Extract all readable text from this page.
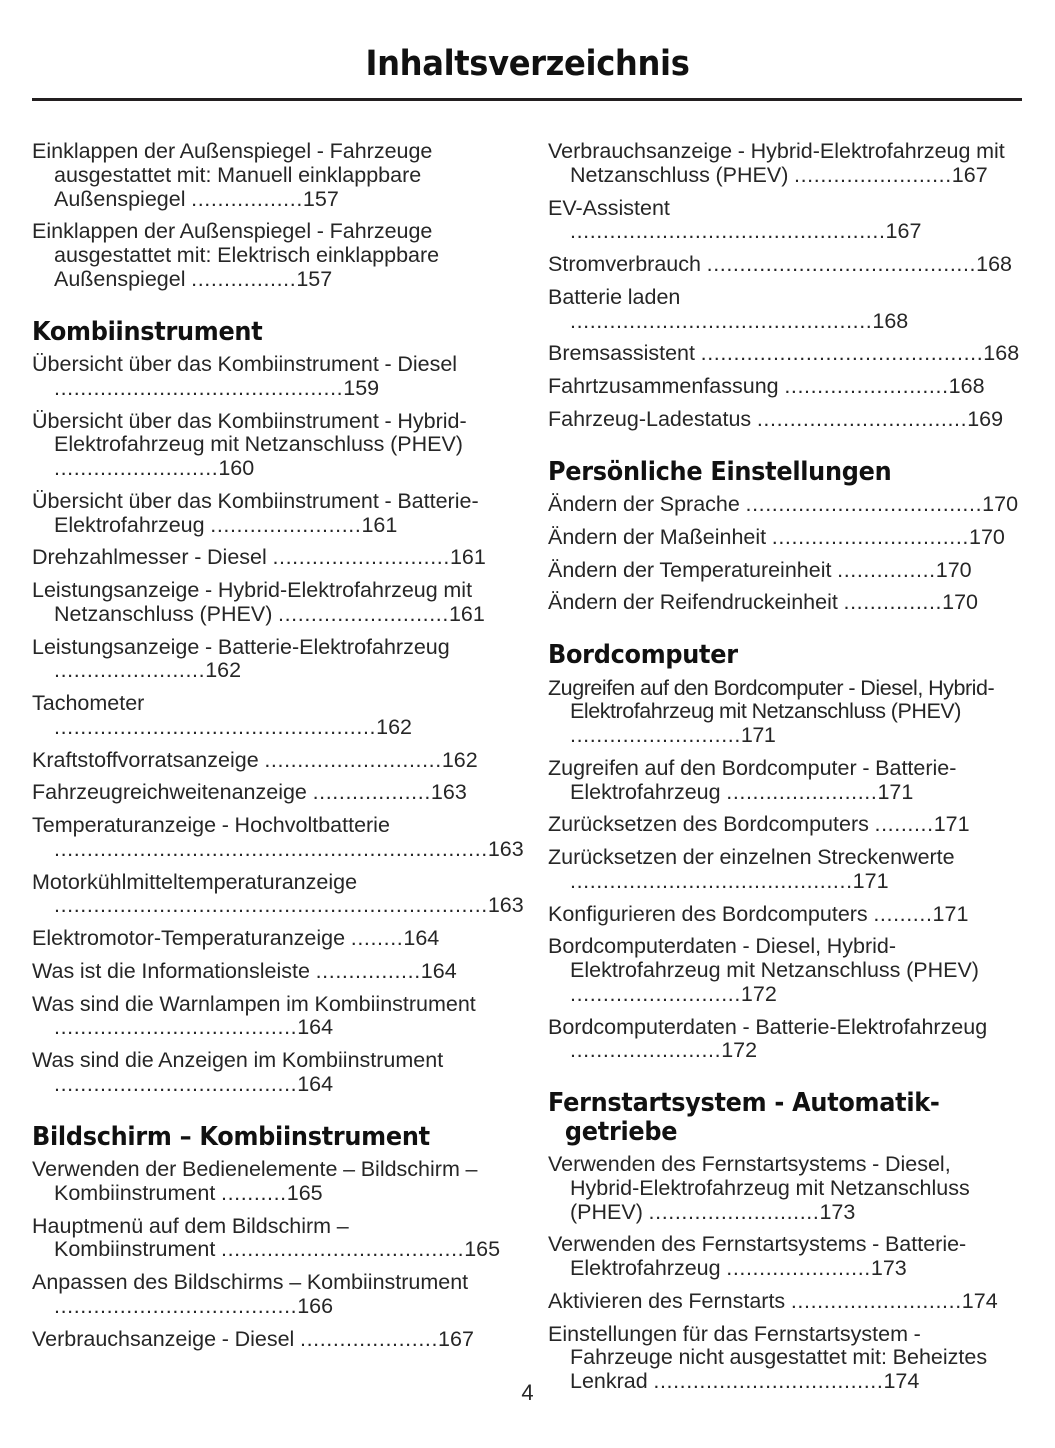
Inhaltsverzeichnis
Einklappen der Außenspiegel - Fahrzeuge ausgestattet mit: Manuell einklappbare Außenspiegel .................157
Einklappen der Außenspiegel - Fahrzeuge ausgestattet mit: Elektrisch einklappbare Außenspiegel ................157
Kombiinstrument
Übersicht über das Kombiinstrument - Diesel ............................................159
Übersicht über das Kombiinstrument - Hybrid-Elektrofahrzeug mit Netzanschluss (PHEV) .........................160
Übersicht über das Kombiinstrument - Batterie-Elektrofahrzeug .......................161
Drehzahlmesser - Diesel ...........................161
Leistungsanzeige - Hybrid-Elektrofahrzeug mit Netzanschluss (PHEV) ..........................161
Leistungsanzeige - Batterie-Elektrofahrzeug .......................162
Tachometer .................................................162
Kraftstoffvorratsanzeige ...........................162
Fahrzeugreichweitenanzeige ..................163
Temperaturanzeige - Hochvoltbatterie ..................................................................163
Motorkühlmitteltemperaturanzeige ..................................................................163
Elektromotor-Temperaturanzeige ........164
Was ist die Informationsleiste ................164
Was sind die Warnlampen im Kombiinstrument .....................................164
Was sind die Anzeigen im Kombiinstrument .....................................164
Bildschirm – Kombiinstrument
Verwenden der Bedienelemente – Bildschirm – Kombiinstrument ..........165
Hauptmenü auf dem Bildschirm – Kombiinstrument .....................................165
Anpassen des Bildschirms – Kombiinstrument .....................................166
Verbrauchsanzeige - Diesel .....................167
Verbrauchsanzeige - Hybrid-Elektrofahrzeug mit Netzanschluss (PHEV) ........................167
EV-Assistent ................................................167
Stromverbrauch .........................................168
Batterie laden ..............................................168
Bremsassistent ...........................................168
Fahrtzusammenfassung .........................168
Fahrzeug-Ladestatus ................................169
Persönliche Einstellungen
Ändern der Sprache ....................................170
Ändern der Maßeinheit ..............................170
Ändern der Temperatureinheit ...............170
Ändern der Reifendruckeinheit ...............170
Bordcomputer
Zugreifen auf den Bordcomputer - Diesel, Hybrid-Elektrofahrzeug mit Netzanschluss (PHEV) ..........................171
Zugreifen auf den Bordcomputer - Batterie-Elektrofahrzeug .......................171
Zurücksetzen des Bordcomputers .........171
Zurücksetzen der einzelnen Streckenwerte ...........................................171
Konfigurieren des Bordcomputers .........171
Bordcomputerdaten - Diesel, Hybrid-Elektrofahrzeug mit Netzanschluss (PHEV) ..........................172
Bordcomputerdaten - Batterie-Elektrofahrzeug .......................172
Fernstartsystem - Automatik-getriebe
Verwenden des Fernstartsystems - Diesel, Hybrid-Elektrofahrzeug mit Netzanschluss (PHEV) ..........................173
Verwenden des Fernstartsystems - Batterie-Elektrofahrzeug ......................173
Aktivieren des Fernstarts ..........................174
Einstellungen für das Fernstartsystem - Fahrzeuge nicht ausgestattet mit: Beheiztes Lenkrad ...................................174
4
